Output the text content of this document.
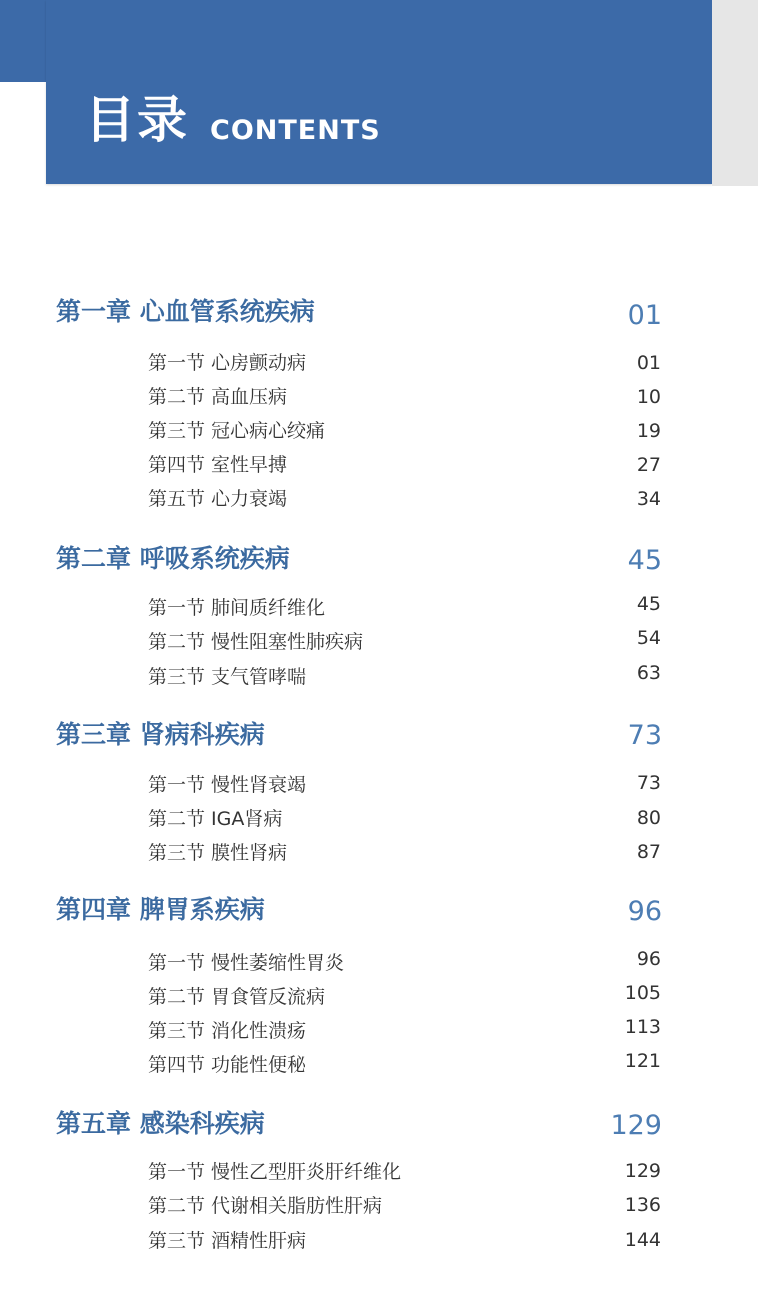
目录 CONTENTS
第一章 心血管系统疾病	01
第一节 心房颤动病	01
第二节 高血压病	10
第三节 冠心病心绞痛	19
第四节 室性早搏	27
第五节 心力衰竭	34
第二章 呼吸系统疾病	45
第一节 肺间质纤维化	45
第二节 慢性阻塞性肺疾病	54
第三节 支气管哮喘	63
第三章 肾病科疾病	73
第一节 慢性肾衰竭	73
第二节 IGA肾病	80
第三节 膜性肾病	87
第四章 脾胃系疾病	96
第一节 慢性萎缩性胃炎	96
第二节 胃食管反流病	105
第三节 消化性溃疡	113
第四节 功能性便秘	121
第五章 感染科疾病	129
第一节 慢性乙型肝炎肝纤维化	129
第二节 代谢相关脂肪性肝病	136
第三节 酒精性肝病	144
